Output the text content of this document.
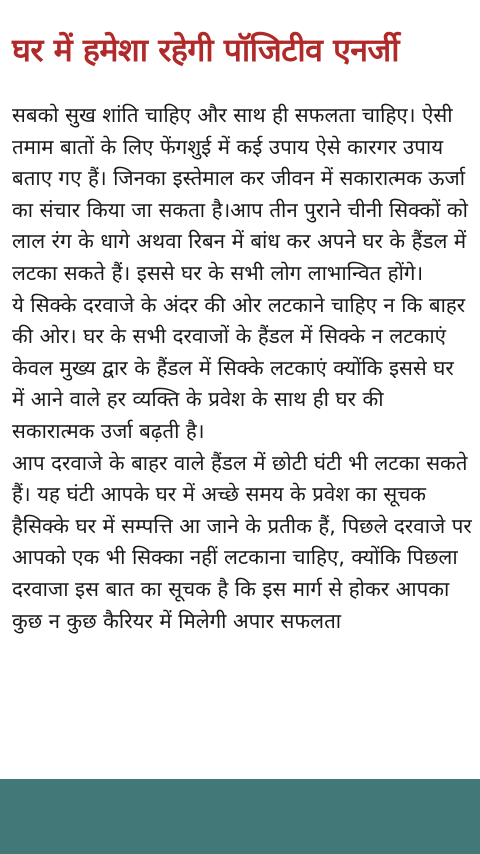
घर में हमेशा रहेगी पॉजिटीव एनर्जी

सबको सुख शांति चाहिए और साथ ही सफलता चाहिए। ऐसी तमाम बातों के लिए फेंगशुई में कई उपाय ऐसे कारगर उपाय बताए गए हैं। जिनका इस्तेमाल कर जीवन में सकारात्मक ऊर्जा का संचार किया जा सकता है।आप तीन पुराने चीनी सिक्कों को लाल रंग के धागे अथवा रिबन में बांध कर अपने घर के हैंडल में लटका सकते हैं। इससे घर के सभी लोग लाभान्वित होंगे।

ये सिक्के दरवाजे के अंदर की ओर लटकाने चाहिए न कि बाहर की ओर। घर के सभी दरवाजों के हैंडल में सिक्के न लटकाएं केवल मुख्य द्वार के हैंडल में सिक्के लटकाएं क्योंकि इससे घर में आने वाले हर व्यक्ति के प्रवेश के साथ ही घर की सकारात्मक उर्जा बढ़ती है।

आप दरवाजे के बाहर वाले हैंडल में छोटी घंटी भी लटका सकते हैं। यह घंटी आपके घर में अच्छे समय के प्रवेश का सूचक हैसिक्के घर में सम्पत्ति आ जाने के प्रतीक हैं, पिछले दरवाजे पर आपको एक भी सिक्का नहीं लटकाना चाहिए, क्योंकि पिछला दरवाजा इस बात का सूचक है कि इस मार्ग से होकर आपका कुछ न कुछ कैरियर में मिलेगी अपार सफलता
